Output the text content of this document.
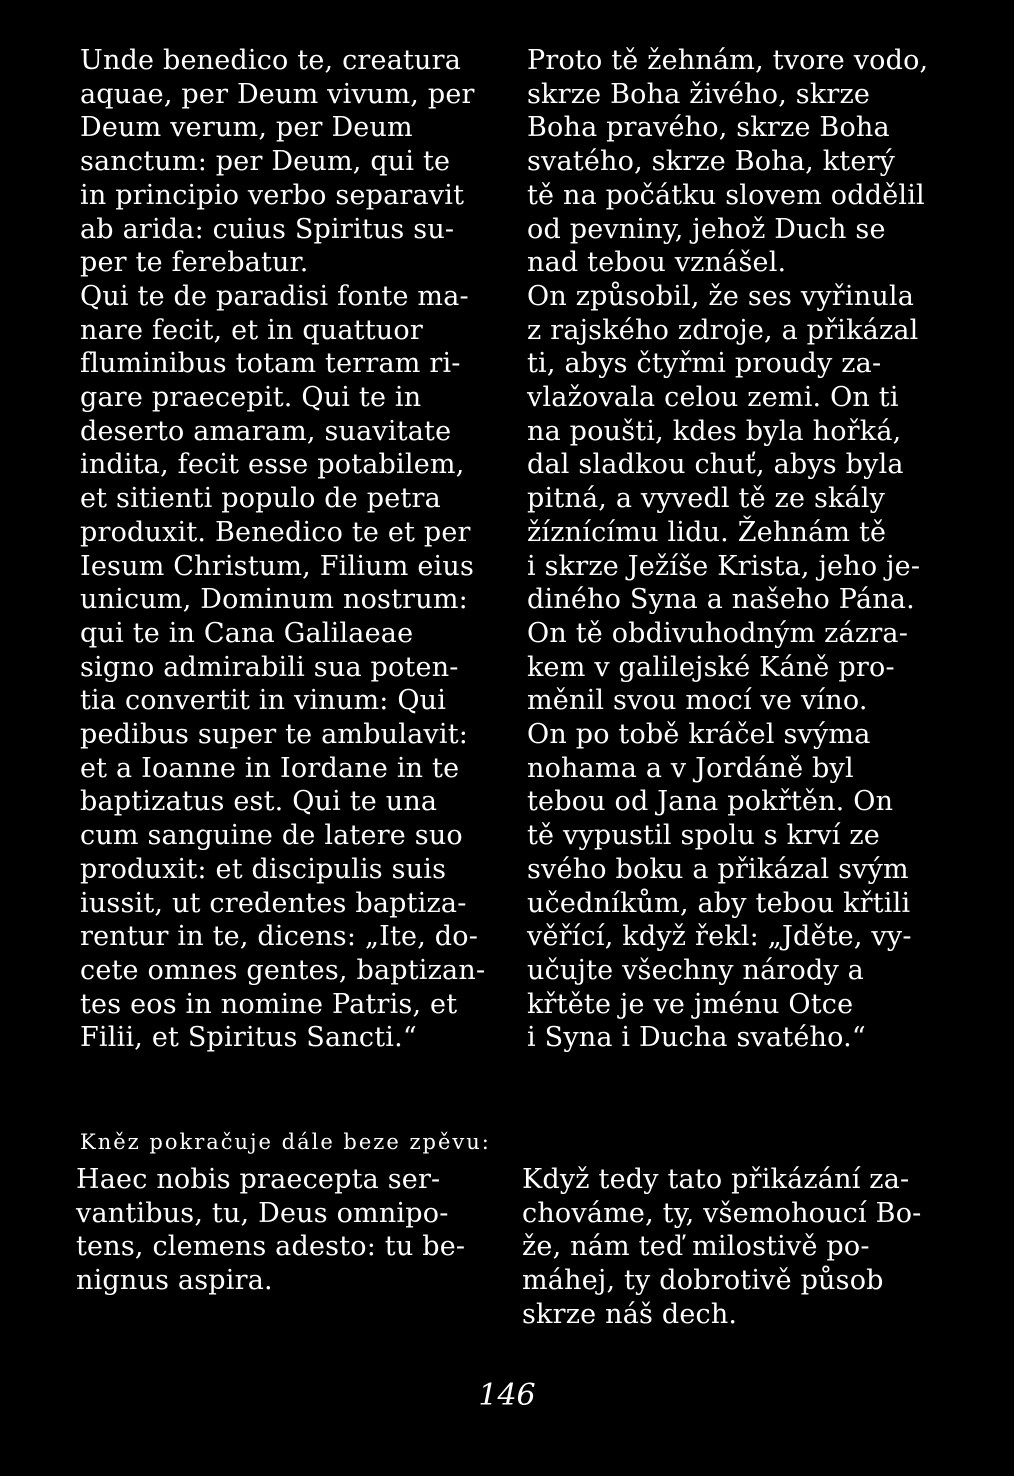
Unde benedico te, creatura
aquae, per Deum vivum, per
Deum verum, per Deum
sanctum: per Deum, qui te
in principio verbo separavit
ab arida: cuius Spiritus su-
per te ferebatur.
Qui te de paradisi fonte ma-
nare fecit, et in quattuor
fluminibus totam terram ri-
gare praecepit. Qui te in
deserto amaram, suavitate
indita, fecit esse potabilem,
et sitienti populo de petra
produxit. Benedico te et per
Iesum Christum, Filium eius
unicum, Dominum nostrum:
qui te in Cana Galilaeae
signo admirabili sua poten-
tia convertit in vinum: Qui
pedibus super te ambulavit:
et a Ioanne in Iordane in te
baptizatus est. Qui te una
cum sanguine de latere suo
produxit: et discipulis suis
iussit, ut credentes baptiza-
rentur in te, dicens: „Ite, do-
cete omnes gentes, baptizan-
tes eos in nomine Patris, et
Filii, et Spiritus Sancti.“
Proto tě žehnám, tvore vodo,
skrze Boha živého, skrze
Boha pravého, skrze Boha
svatého, skrze Boha, který
tě na počátku slovem oddělil
od pevniny, jehož Duch se
nad tebou vznášel.
On způsobil, že ses vyřinula
z rajského zdroje, a přikázal
ti, abys čtyřmi proudy za-
vlažovala celou zemi. On ti
na poušti, kdes byla hořká,
dal sladkou chuť, abys byla
pitná, a vyvedl tě ze skály
žíznícímu lidu. Žehnám tě
i skrze Ježíše Krista, jeho je-
diného Syna a našeho Pána.
On tě obdivuhodným zázra-
kem v galilejské Káně pro-
měnil svou mocí ve víno.
On po tobě kráčel svýma
nohama a v Jordáně byl
tebou od Jana pokřtěn. On
tě vypustil spolu s krví ze
svého boku a přikázal svým
učedníkům, aby tebou křtili
věřící, když řekl: „Jděte, vy-
učujte všechny národy a
křtěte je ve jménu Otce
i Syna i Ducha svatého.“
Kněz pokračuje dále beze zpěvu:
Haec nobis praecepta ser-
vantibus, tu, Deus omnipo-
tens, clemens adesto: tu be-
nignus aspira.
Když tedy tato přikázání za-
chováme, ty, všemohoucí Bo-
že, nám teď milostivě po-
máhej, ty dobrotivě působ
skrze náš dech.
146
